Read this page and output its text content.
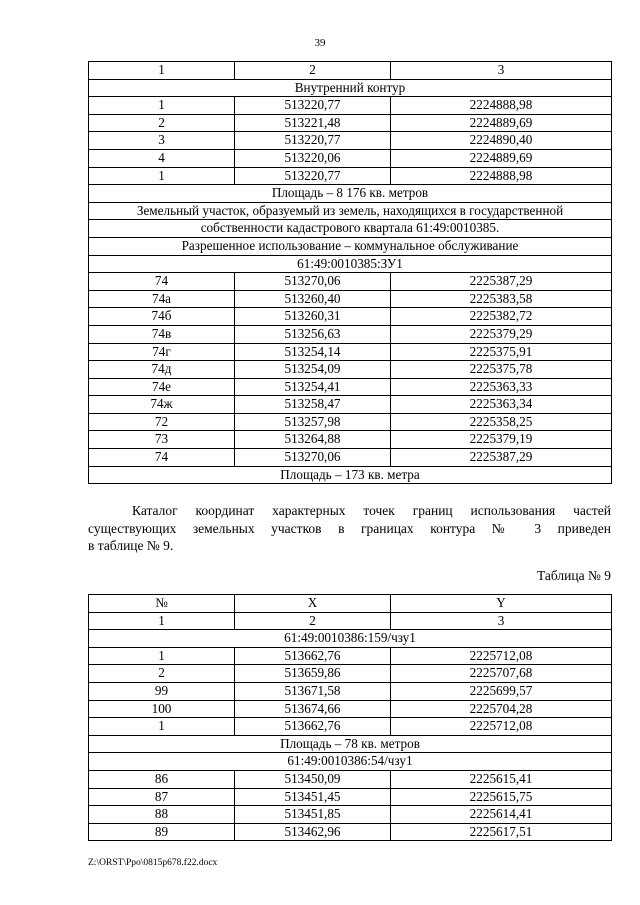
39
1	2	3
Внутренний контур		
1	513220,77	2224888,98
2	513221,48	2224889,69
3	513220,77	2224890,40
4	513220,06	2224889,69
1	513220,77	2224888,98
Площадь – 8 176 кв. метров		
Земельный участок, образуемый из земель, находящихся в государственной		
собственности кадастрового квартала 61:49:0010385.		
Разрешенное использование – коммунальное обслуживание		
61:49:0010385:ЗУ1		
74	513270,06	2225387,29
74а	513260,40	2225383,58
74б	513260,31	2225382,72
74в	513256,63	2225379,29
74г	513254,14	2225375,91
74д	513254,09	2225375,78
74е	513254,41	2225363,33
74ж	513258,47	2225363,34
72	513257,98	2225358,25
73	513264,88	2225379,19
74	513270,06	2225387,29
Площадь – 173 кв. метра		
Каталог координат характерных точек границ использования частей
существующих земельных участков в границах контура № 3 приведен
в таблице № 9.
Таблица № 9
№	X	Y
1	2	3
61:49:0010386:159/чзу1		
1	513662,76	2225712,08
2	513659,86	2225707,68
99	513671,58	2225699,57
100	513674,66	2225704,28
1	513662,76	2225712,08
Площадь – 78 кв. метров		
61:49:0010386:54/чзу1		
86	513450,09	2225615,41
87	513451,45	2225615,75
88	513451,85	2225614,41
89	513462,96	2225617,51
Z:\ORST\Ppo\0815p678.f22.docx
